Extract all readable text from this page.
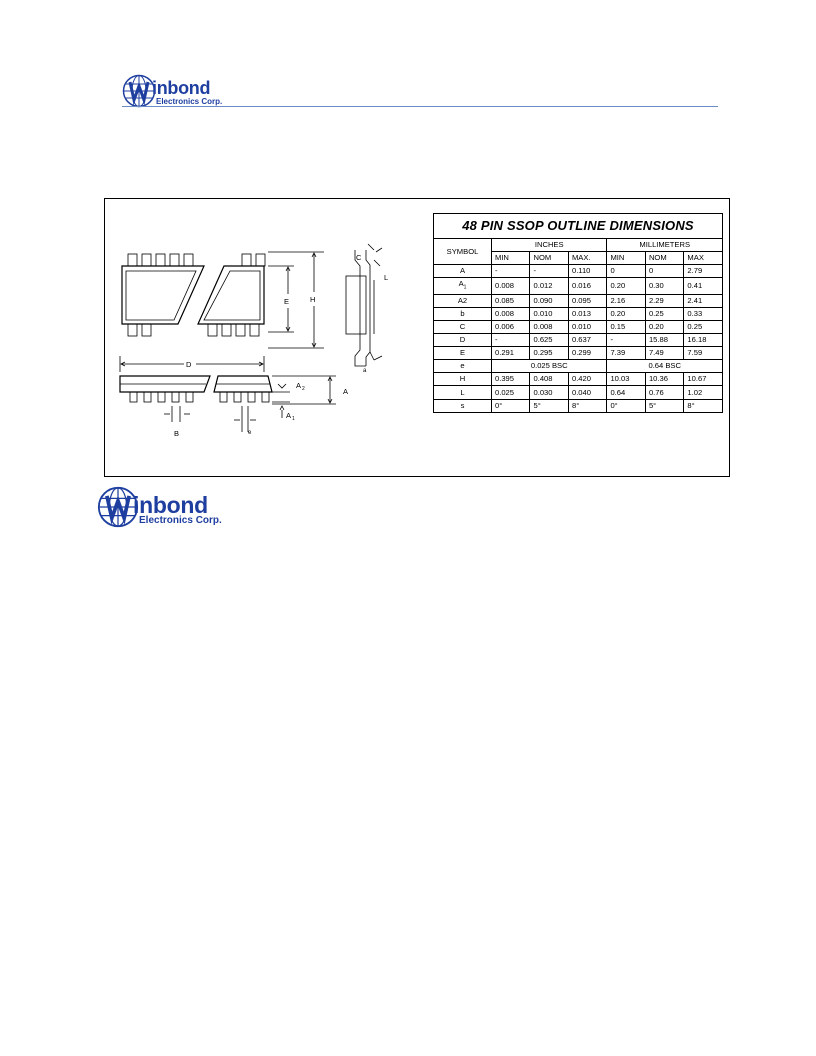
inbond
Electronics Corp.
E	H
C
L
a
D
B
A 2	A
A 1
e
48 PIN SSOP OUTLINE DIMENSIONS						
SYMBOL	INCHES			MILLIMETERS		
	MIN	NOM	MAX.	MIN	NOM	MAX
A	-	-	0.110	0	0	2.79
$A_1$	0.008	0.012	0.016	0.20	0.30	0.41
A2	0.085	0.090	0.095	2.16	2.29	2.41
b	0.008	0.010	0.013	0.20	0.25	0.33
C	0.006	0.008	0.010	0.15	0.20	0.25
D	-	0.625	0.637	-	15.88	16.18
E	0.291	0.295	0.299	7.39	7.49	7.59
e	0.025 BSC			0.64 BSC		
H	0.395	0.408	0.420	10.03	10.36	10.67
L	0.025	0.030	0.040	0.64	0.76	1.02
s	0°	5°	8°	0°	5°	8°
inbond
Electronics Corp.
